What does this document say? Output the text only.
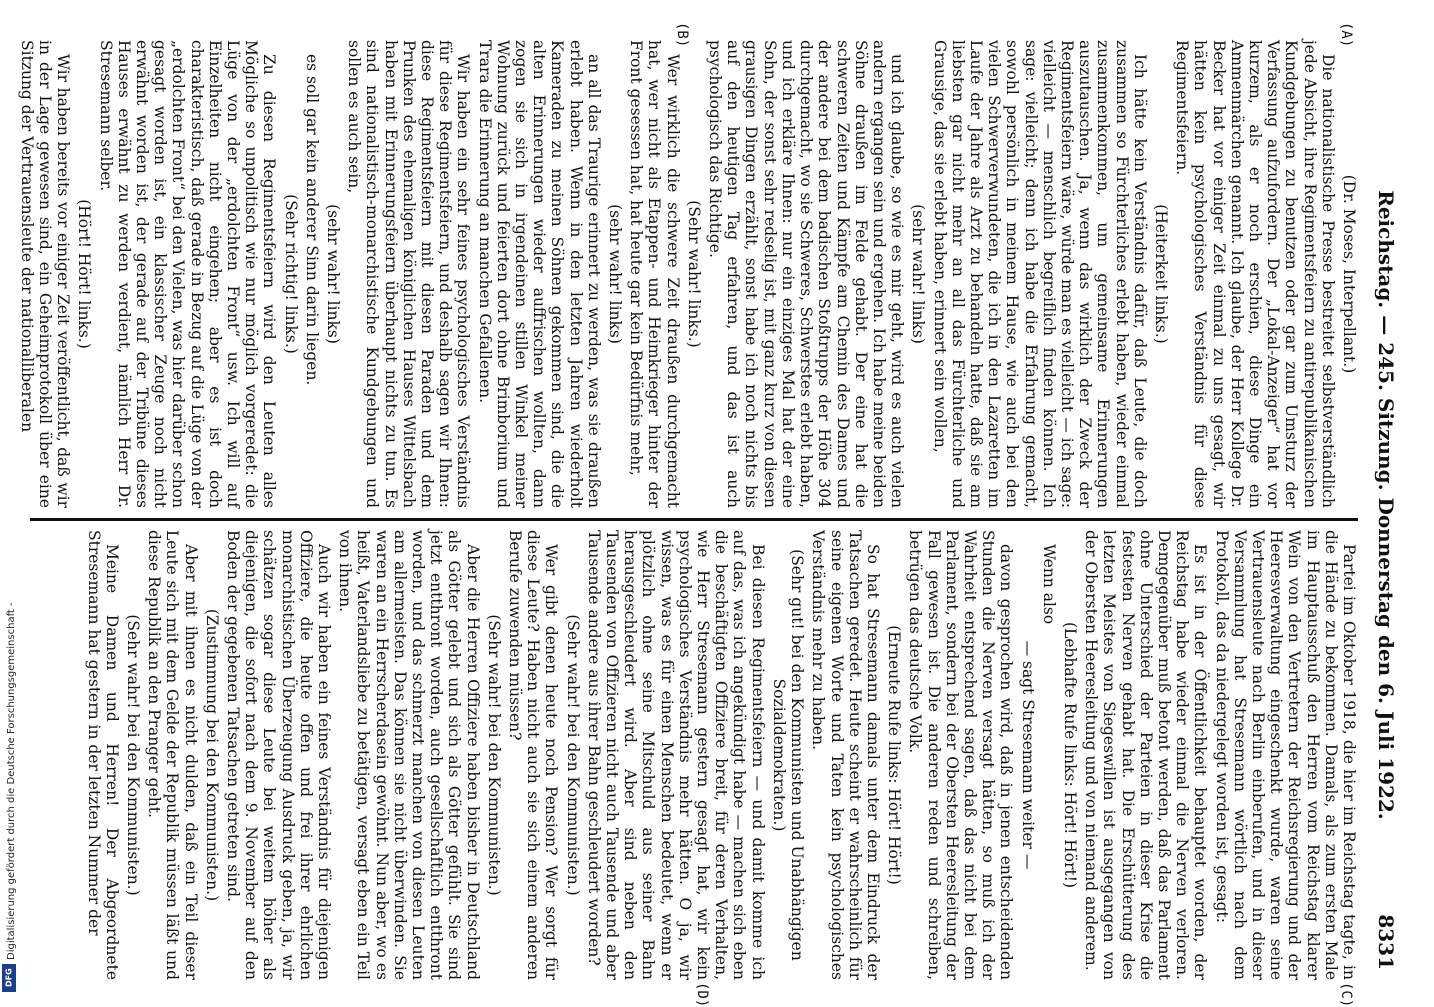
Reichstag. — 245. Sitzung. Donnerstag den 6. Juli 1922.
8331
(A)
(B)
(C)
(D)

(Dr. Moses, Interpellant.)

Die nationalistische Presse bestreitet selbstverständlich jede Absicht, ihre Regimentsfeiern zu antirepublikanischen Kundgebungen zu benutzen oder gar zum Umsturz der Verfassung aufzufordern. Der „Lokal-Anzeiger“ hat vor kurzem, als er noch erschien, diese Dinge ein Ammenmärchen genannt. Ich glaube, der Herr Kollege Dr. Becker hat vor einiger Zeit einmal zu uns gesagt, wir hätten kein psychologisches Verständnis für diese Regimentsfeiern.

(Heiterkeit links.)

Ich hätte kein Verständnis dafür, daß Leute, die doch zusammen so Fürchterliches erlebt haben, wieder einmal zusammenkommen, um gemeinsame Erinnerungen auszutauschen. Ja, wenn das wirklich der Zweck der Regimentsfeiern wäre, würde man es vielleicht — ich sage: vielleicht — menschlich begreiflich finden können. Ich sage: vielleicht; denn ich habe die Erfahrung gemacht, sowohl persönlich in meinem Hause, wie auch bei den vielen Schwerverwundeten, die ich in den Lazaretten im Laufe der Jahre als Arzt zu behandeln hatte, daß sie am liebsten gar nicht mehr an all das Fürchterliche und Grausige, das sie erlebt haben, erinnert sein wollen,

(sehr wahr! links)

und ich glaube, so wie es mir geht, wird es auch vielen andern ergangen sein und ergehen. Ich habe meine beiden Söhne draußen im Felde gehabt. Der eine hat die schweren Zeiten und Kämpfe am Chemin des Dames und der andere bei dem badischen Stoßtrupps der Höhe 304 durchgemacht, wo sie Schweres, Schwerstes erlebt haben, und ich erkläre Ihnen: nur ein einziges Mal hat der eine Sohn, der sonst sehr redselig ist, mit ganz kurz von diesen grausigen Dingen erzählt, sonst habe ich noch nichts bis auf den heutigen Tag erfahren, und das ist auch psychologisch das Richtige.

(Sehr wahr! links.)

Wer wirklich die schwere Zeit draußen durchgemacht hat, wer nicht als Etappen- und Heimkrieger hinter der Front gesessen hat, hat heute gar kein Bedürfnis mehr,

(sehr wahr! links)

an all das Traurige erinnert zu werden, was sie draußen erlebt haben. Wenn in den letzten Jahren wiederholt Kameraden zu meinen Söhnen gekommen sind, die die alten Erinnerungen wieder auffrischen wollten, dann zogen sie sich in irgendeinen stillen Winkel meiner Wohnung zurück und feierten dort ohne Brimborium und Trara die Erinnerung an manchen Gefallenen.

Wir haben ein sehr feines psychologisches Verständnis für diese Regimentsfeiern, und deshalb sagen wir Ihnen: diese Regimentsfeiern mit diesen Paraden und dem Prunken des ehemaligen königlichen Hauses Wittelsbach haben mit Erinnerungsfeiern überhaupt nichts zu tun. Es sind nationalistisch-monarchistische Kundgebungen und sollen es auch sein,

(sehr wahr! links)

es soll gar kein anderer Sinn darin liegen.

(Sehr richtig! links.)

Zu diesen Regimentsfeiern wird den Leuten alles Mögliche so unpolitisch wie nur möglich vorgeredet: die Lüge von der „erdolchten Front“ usw. Ich will auf Einzelheiten nicht eingehen; aber es ist doch charakteristisch, daß gerade in Bezug auf die Lüge von der „erdolchten Front“ bei den Vielen, was hier darüber schon gesagt worden ist, ein klassischer Zeuge noch nicht erwähnt worden ist, der gerade auf der Tribüne dieses Hauses erwähnt zu werden verdient, nämlich Herr Dr. Stresemann selber.

(Hört! Hört! links.)

Wir haben bereits vor einiger Zeit veröffentlicht, daß wir in der Lage gewesen sind, ein Geheimprotokoll über eine Sitzung der Vertrauensleute der nationalliberalen

Partei im Oktober 1918, die hier im Reichstag tagte, in die Hände zu bekommen. Damals, als zum ersten Male im Hauptausschuß den Herren vom Reichstag klarer Wein von den Vertretern der Reichsregierung und der Heeresverwaltung eingeschenkt wurde, waren seine Vertrauensleute nach Berlin einberufen, und in dieser Versammlung hat Stresemann wörtlich nach dem Protokoll, das da niedergelegt worden ist, gesagt:

Es ist in der Öffentlichkeit behauptet worden, der Reichstag habe wieder einmal die Nerven verloren. Demgegenüber muß betont werden, daß das Parlament ohne Unterschied der Parteien in dieser Krise die festesten Nerven gehabt hat. Die Erschütterung des letzten Meistes von Siegeswillen ist ausgegangen von der Obersten Heeresleitung und von niemand anderem.

(Lebhafte Rufe links: Hört! Hört!)

Wenn also

— sagt Stresemann weiter —

davon gesprochen wird, daß in jenen entscheidenden Stunden die Nerven versagt hätten, so muß ich der Wahrheit entsprechend sagen, daß das nicht bei dem Parlament, sondern bei der Obersten Heeresleitung der Fall gewesen ist. Die anderen reden und schreiben, betrügen das deutsche Volk.

(Erneute Rufe links: Hört! Hört!)

So hat Stresemann damals unter dem Eindruck der Tatsachen geredet. Heute scheint er wahrscheinlich für seine eigenen Worte und Taten kein psychologisches Verständnis mehr zu haben.

(Sehr gut! bei den Kommunisten und Unabhängigen Sozialdemokraten.)

Bei diesen Regimentsfeiern — und damit komme ich auf das, was ich angekündigt habe — machen sich eben die beschäftigten Offiziere breit, für deren Verhalten, wie Herr Stresemann gestern gesagt hat, wir kein psychologisches Verständnis mehr hätten. O ja, wir wissen, was es für einen Menschen bedeutet, wenn er plötzlich ohne seine Mitschuld aus seiner Bahn herausgeschleudert wird. Aber sind neben den Tausenden von Offizieren nicht auch Tausende und aber Tausende andere aus ihrer Bahn geschleudert worden?

(Sehr wahr! bei den Kommunisten.)

Wer gibt denen heute noch Pension? Wer sorgt für diese Leute? Haben nicht auch sie sich einem anderen Berufe zuwenden müssen?

(Sehr wahr! bei den Kommunisten.)

Aber die Herren Offiziere haben bisher in Deutschland als Götter gelebt und sich als Götter gefühlt. Sie sind jetzt entthront worden, auch gesellschaftlich entthront worden, und das schmerzt manchen von diesen Leuten am allermeisten. Das können sie nicht überwinden. Sie waren an ein Herrscherdasein gewöhnt. Nun aber, wo es heißt, Vaterlandsliebe zu betätigen, versagt eben ein Teil von ihnen.

Auch wir haben ein feines Verständnis für diejenigen Offiziere, die heute offen und frei ihrer ehrlichen monarchistischen Überzeugung Ausdruck geben, ja, wir schätzen sogar diese Leute bei weitem höher als diejenigen, die sofort nach dem 9. November auf den Boden der gegebenen Tatsachen getreten sind.

(Zustimmung bei den Kommunisten.)

Aber mit ihnen es nicht dulden, daß ein Teil dieser Leute sich mit dem Gelde der Republik müssen läßt und diese Republik an den Pranger geht.

(Sehr wahr! bei den Kommunisten.)

Meine Damen und Herren! Der Abgeordnete Stresemann hat gestern in der letzten Nummer der

Digitalisierung gefördert durch die Deutsche Forschungsgemeinschaft -
DFG
